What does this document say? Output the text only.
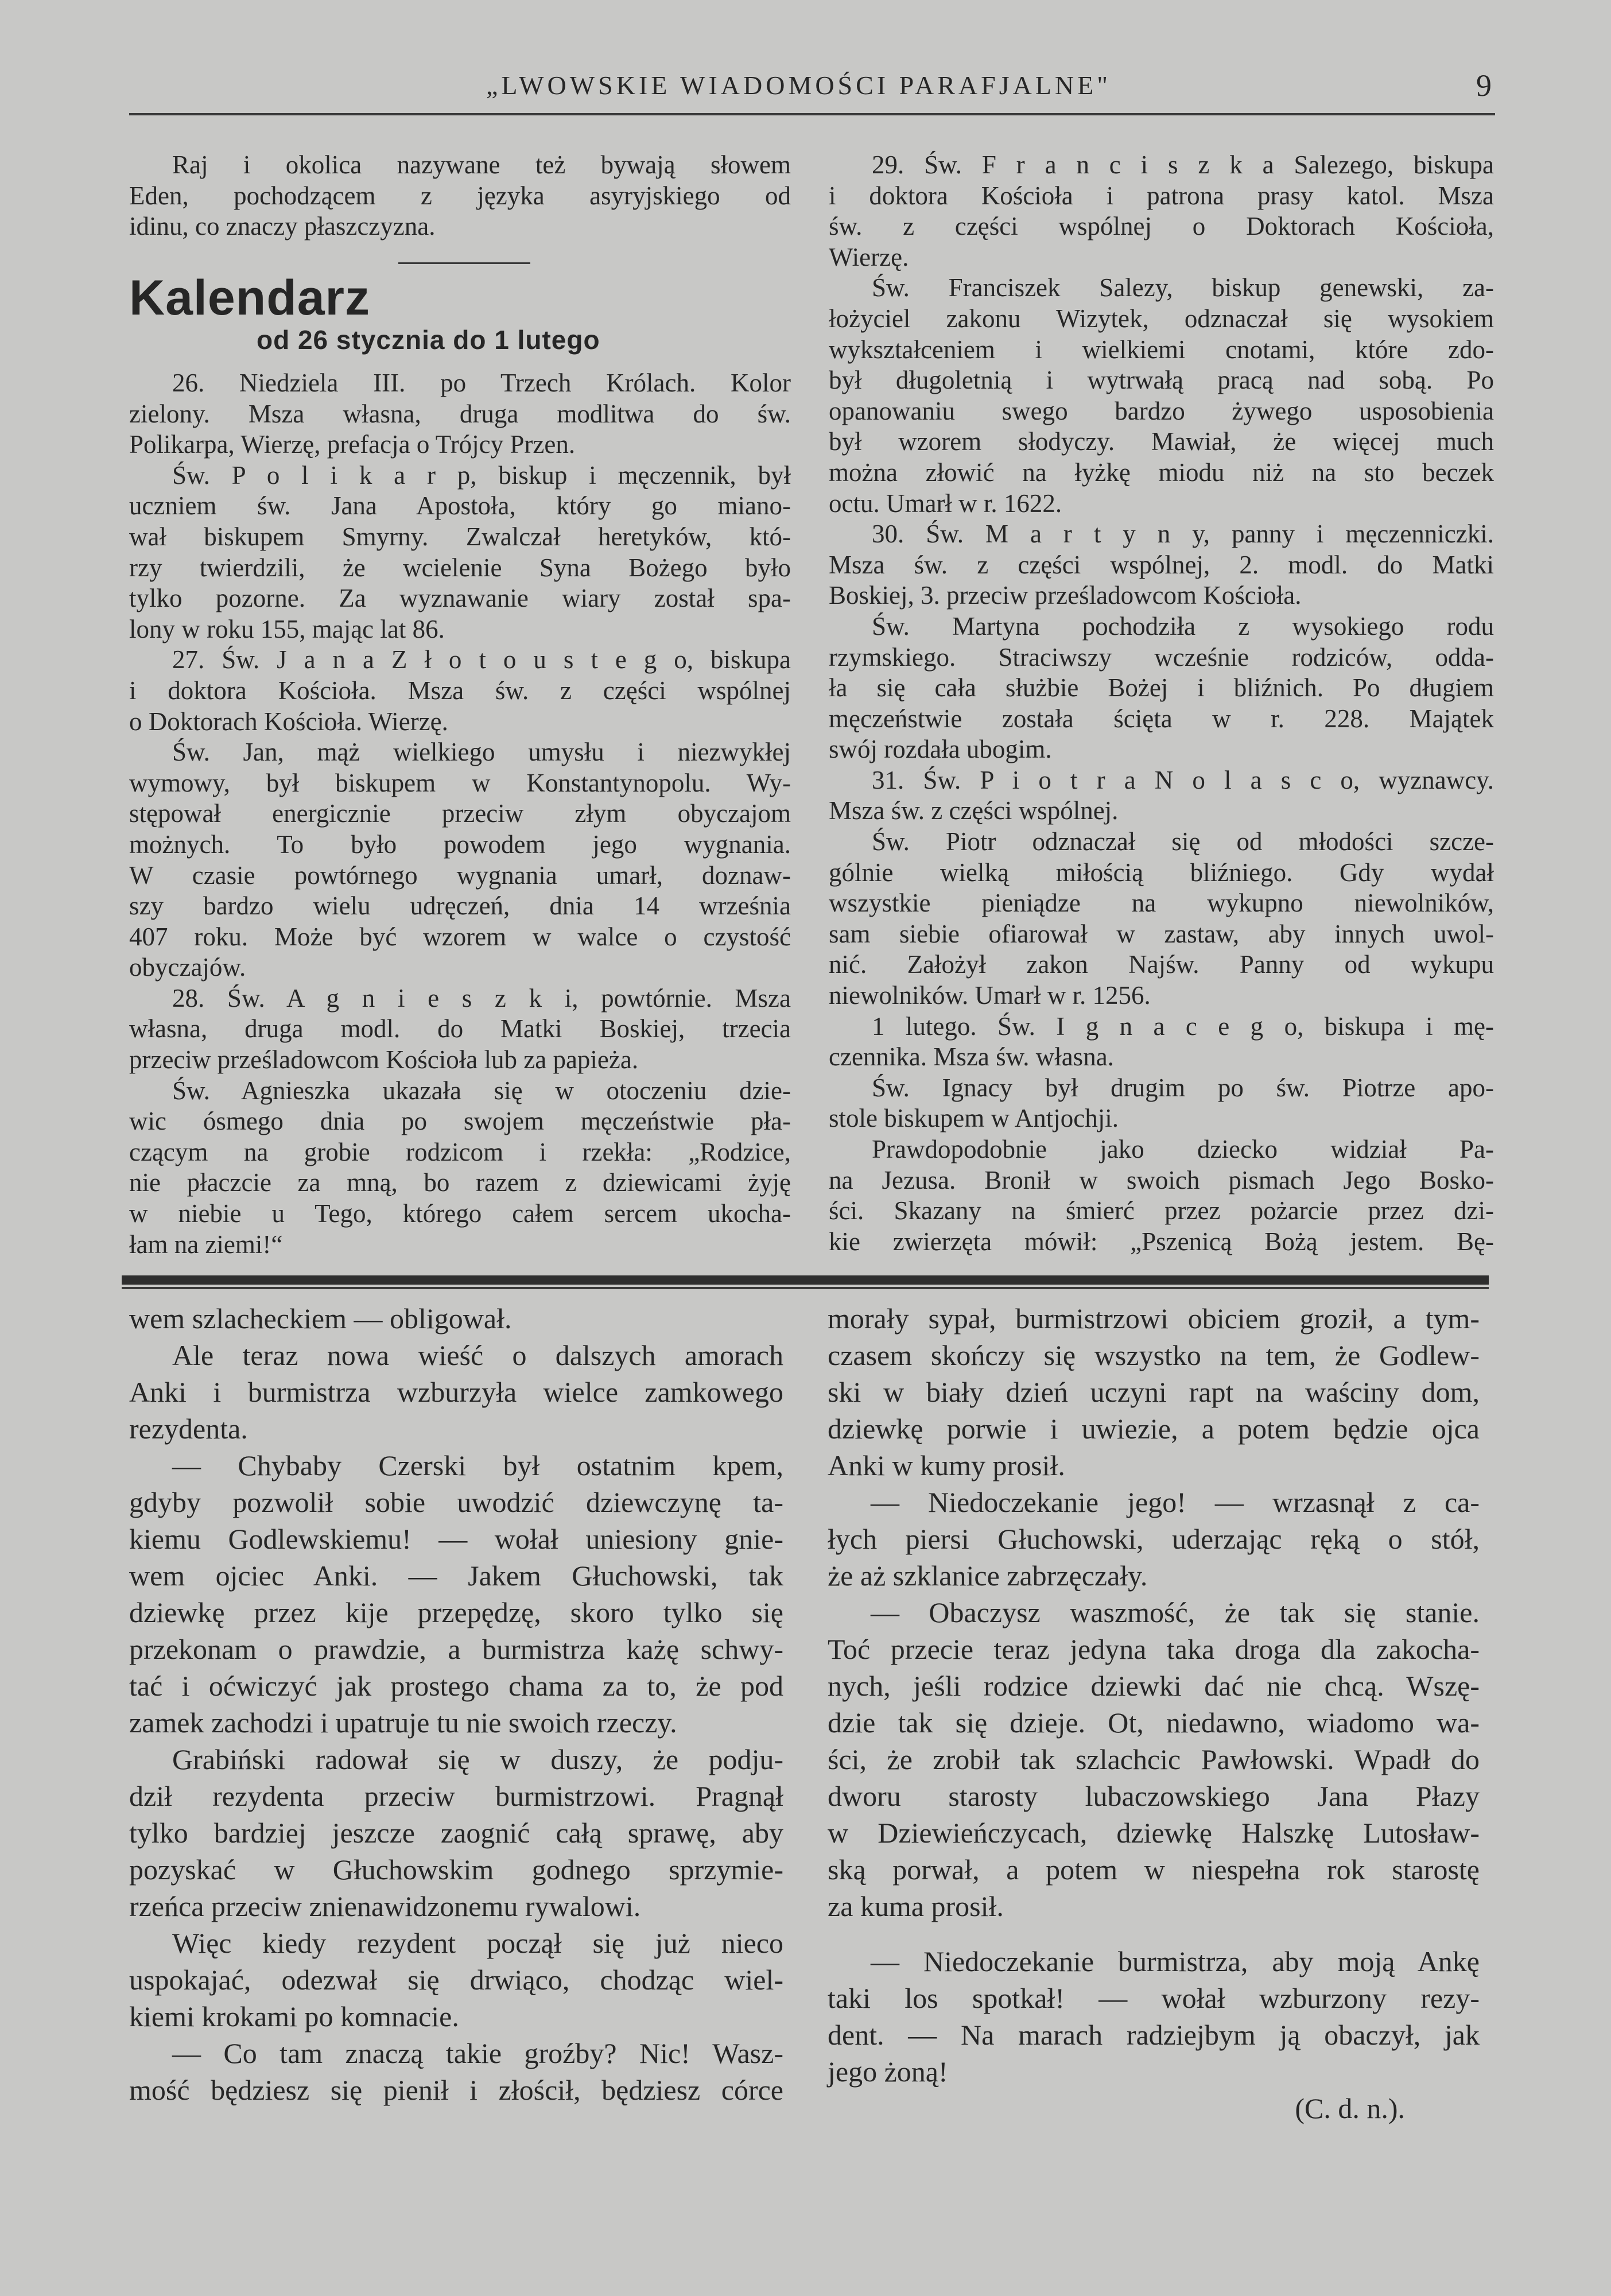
„LWOWSKIE WIADOMOŚCI PARAFJALNE"	9
Raj i okolica nazywane też bywają słowem
Eden, pochodzącem z języka asyryjskiego od
idinu, co znaczy płaszczyzna.
Kalendarz
od 26 stycznia do 1 lutego
26. Niedziela III. po Trzech Królach. Kolor
zielony. Msza własna, druga modlitwa do św.
Polikarpa, Wierzę, prefacja o Trójcy Przen.
Św. P o l i k a r p, biskup i męczennik, był
uczniem św. Jana Apostoła, który go miano-
wał biskupem Smyrny. Zwalczał heretyków, któ-
rzy twierdzili, że wcielenie Syna Bożego było
tylko pozorne. Za wyznawanie wiary został spa-
lony w roku 155, mając lat 86.
27. Św. J a n a Z ł o t o u s t e g o, biskupa
i doktora Kościoła. Msza św. z części wspólnej
o Doktorach Kościoła. Wierzę.
Św. Jan, mąż wielkiego umysłu i niezwykłej
wymowy, był biskupem w Konstantynopolu. Wy-
stępował energicznie przeciw złym obyczajom
możnych. To było powodem jego wygnania.
W czasie powtórnego wygnania umarł, doznaw-
szy bardzo wielu udręczeń, dnia 14 września
407 roku. Może być wzorem w walce o czystość
obyczajów.
28. Św. A g n i e s z k i, powtórnie. Msza
własna, druga modl. do Matki Boskiej, trzecia
przeciw prześladowcom Kościoła lub za papieża.
Św. Agnieszka ukazała się w otoczeniu dzie-
wic ósmego dnia po swojem męczeństwie pła-
czącym na grobie rodzicom i rzekła: „Rodzice,
nie płaczcie za mną, bo razem z dziewicami żyję
w niebie u Tego, którego całem sercem ukocha-
łam na ziemi!“
29. Św. F r a n c i s z k a Salezego, biskupa
i doktora Kościoła i patrona prasy katol. Msza
św. z części wspólnej o Doktorach Kościoła,
Wierzę.
Św. Franciszek Salezy, biskup genewski, za-
łożyciel zakonu Wizytek, odznaczał się wysokiem
wykształceniem i wielkiemi cnotami, które zdo-
był długoletnią i wytrwałą pracą nad sobą. Po
opanowaniu swego bardzo żywego usposobienia
był wzorem słodyczy. Mawiał, że więcej much
można złowić na łyżkę miodu niż na sto beczek
octu. Umarł w r. 1622.
30. Św. M a r t y n y, panny i męczenniczki.
Msza św. z części wspólnej, 2. modl. do Matki
Boskiej, 3. przeciw prześladowcom Kościoła.
Św. Martyna pochodziła z wysokiego rodu
rzymskiego. Straciwszy wcześnie rodziców, odda-
ła się cała służbie Bożej i bliźnich. Po długiem
męczeństwie została ścięta w r. 228. Majątek
swój rozdała ubogim.
31. Św. P i o t r a N o l a s c o, wyznawcy.
Msza św. z części wspólnej.
Św. Piotr odznaczał się od młodości szcze-
gólnie wielką miłością bliźniego. Gdy wydał
wszystkie pieniądze na wykupno niewolników,
sam siebie ofiarował w zastaw, aby innych uwol-
nić. Założył zakon Najśw. Panny od wykupu
niewolników. Umarł w r. 1256.
1 lutego. Św. I g n a c e g o, biskupa i mę-
czennika. Msza św. własna.
Św. Ignacy był drugim po św. Piotrze apo-
stole biskupem w Antjochji.
Prawdopodobnie jako dziecko widział Pa-
na Jezusa. Bronił w swoich pismach Jego Bosko-
ści. Skazany na śmierć przez pożarcie przez dzi-
kie zwierzęta mówił: „Pszenicą Bożą jestem. Bę-
wem szlacheckiem — obligował.
Ale teraz nowa wieść o dalszych amorach
Anki i burmistrza wzburzyła wielce zamkowego
rezydenta.
— Chybaby Czerski był ostatnim kpem,
gdyby pozwolił sobie uwodzić dziewczynę ta-
kiemu Godlewskiemu! — wołał uniesiony gnie-
wem ojciec Anki. — Jakem Głuchowski, tak
dziewkę przez kije przepędzę, skoro tylko się
przekonam o prawdzie, a burmistrza każę schwy-
tać i oćwiczyć jak prostego chama za to, że pod
zamek zachodzi i upatruje tu nie swoich rzeczy.
Grabiński radował się w duszy, że podju-
dził rezydenta przeciw burmistrzowi. Pragnął
tylko bardziej jeszcze zaognić całą sprawę, aby
pozyskać w Głuchowskim godnego sprzymie-
rzeńca przeciw znienawidzonemu rywalowi.
Więc kiedy rezydent począł się już nieco
uspokajać, odezwał się drwiąco, chodząc wiel-
kiemi krokami po komnacie.
— Co tam znaczą takie groźby? Nic! Wasz-
mość będziesz się pienił i złościł, będziesz córce
morały sypał, burmistrzowi obiciem groził, a tym-
czasem skończy się wszystko na tem, że Godlew-
ski w biały dzień uczyni rapt na waściny dom,
dziewkę porwie i uwiezie, a potem będzie ojca
Anki w kumy prosił.
— Niedoczekanie jego! — wrzasnął z ca-
łych piersi Głuchowski, uderzając ręką o stół,
że aż szklanice zabrzęczały.
— Obaczysz waszmość, że tak się stanie.
Toć przecie teraz jedyna taka droga dla zakocha-
nych, jeśli rodzice dziewki dać nie chcą. Wszę-
dzie tak się dzieje. Ot, niedawno, wiadomo wa-
ści, że zrobił tak szlachcic Pawłowski. Wpadł do
dworu starosty lubaczowskiego Jana Płazy
w Dziewieńczycach, dziewkę Halszkę Lutosław-
ską porwał, a potem w niespełna rok starostę
za kuma prosił.
— Niedoczekanie burmistrza, aby moją Ankę
taki los spotkał! — wołał wzburzony rezy-
dent. — Na marach radziejbym ją obaczył, jak
jego żoną!
(C. d. n.).
